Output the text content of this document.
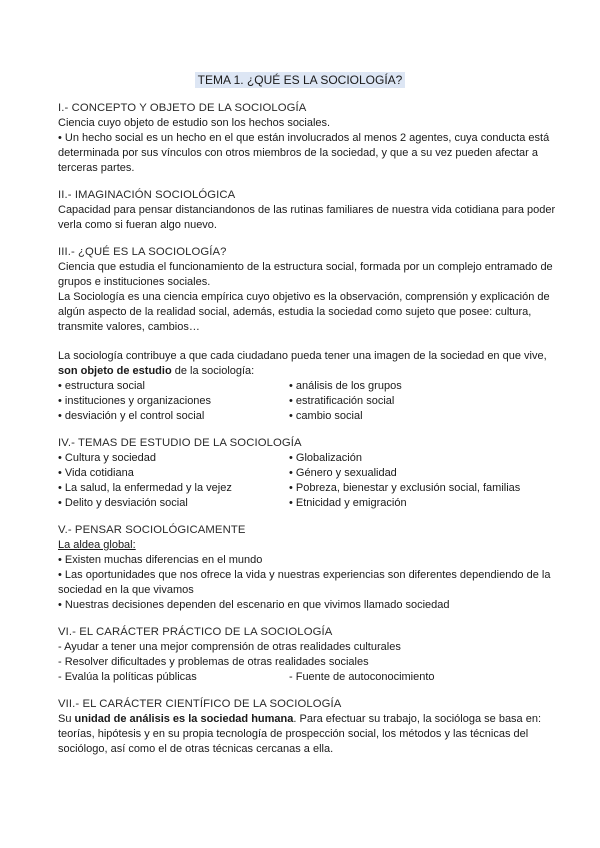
TEMA 1. ¿QUÉ ES LA SOCIOLOGÍA?
I.- CONCEPTO Y OBJETO DE LA SOCIOLOGÍA

Ciencia cuyo objeto de estudio son los hechos sociales.

• Un hecho social es un hecho en el que están involucrados al menos 2 agentes, cuya conducta está determinada por sus vínculos con otros miembros de la sociedad, y que a su vez pueden afectar a terceras partes.

II.- IMAGINACIÓN SOCIOLÓGICA

Capacidad para pensar distanciandonos de las rutinas familiares de nuestra vida cotidiana para poder verla como si fueran algo nuevo.

III.- ¿QUÉ ES LA SOCIOLOGÍA?

Ciencia que estudia el funcionamiento de la estructura social, formada por un complejo entramado de grupos e instituciones sociales.

La Sociología es una ciencia empírica cuyo objetivo es la observación, comprensión y explicación de algún aspecto de la realidad social, además, estudia la sociedad como sujeto que posee: cultura, transmite valores, cambios…

La sociología contribuye a que cada ciudadano pueda tener una imagen de la sociedad en que vive, son objeto de estudio de la sociología:

• estructura social
• instituciones y organizaciones
• desviación y el control social
• análisis de los grupos
• estratificación social
• cambio social
IV.- TEMAS DE ESTUDIO DE LA SOCIOLOGÍA
• Cultura y sociedad
• Vida cotidiana
• La salud, la enfermedad y la vejez
• Delito y desviación social
• Globalización
• Género y sexualidad
• Pobreza, bienestar y exclusión social, familias
• Etnicidad y emigración
V.- PENSAR SOCIOLÓGICAMENTE
La aldea global:

• Existen muchas diferencias en el mundo

• Las oportunidades que nos ofrece la vida y nuestras experiencias son diferentes dependiendo de la sociedad en la que vivamos

• Nuestras decisiones dependen del escenario en que vivimos llamado sociedad

VI.- EL CARÁCTER PRÁCTICO DE LA SOCIOLOGÍA

- Ayudar a tener una mejor comprensión de otras realidades culturales

- Resolver dificultades y problemas de otras realidades sociales

- Evalúa la políticas públicas	- Fuente de autoconocimiento
VII.- EL CARÁCTER CIENTÍFICO DE LA SOCIOLOGÍA

Su unidad de análisis es la sociedad humana. Para efectuar su trabajo, la socióloga se basa en: teorías, hipótesis y en su propia tecnología de prospección social, los métodos y las técnicas del sociólogo, así como el de otras técnicas cercanas a ella.
